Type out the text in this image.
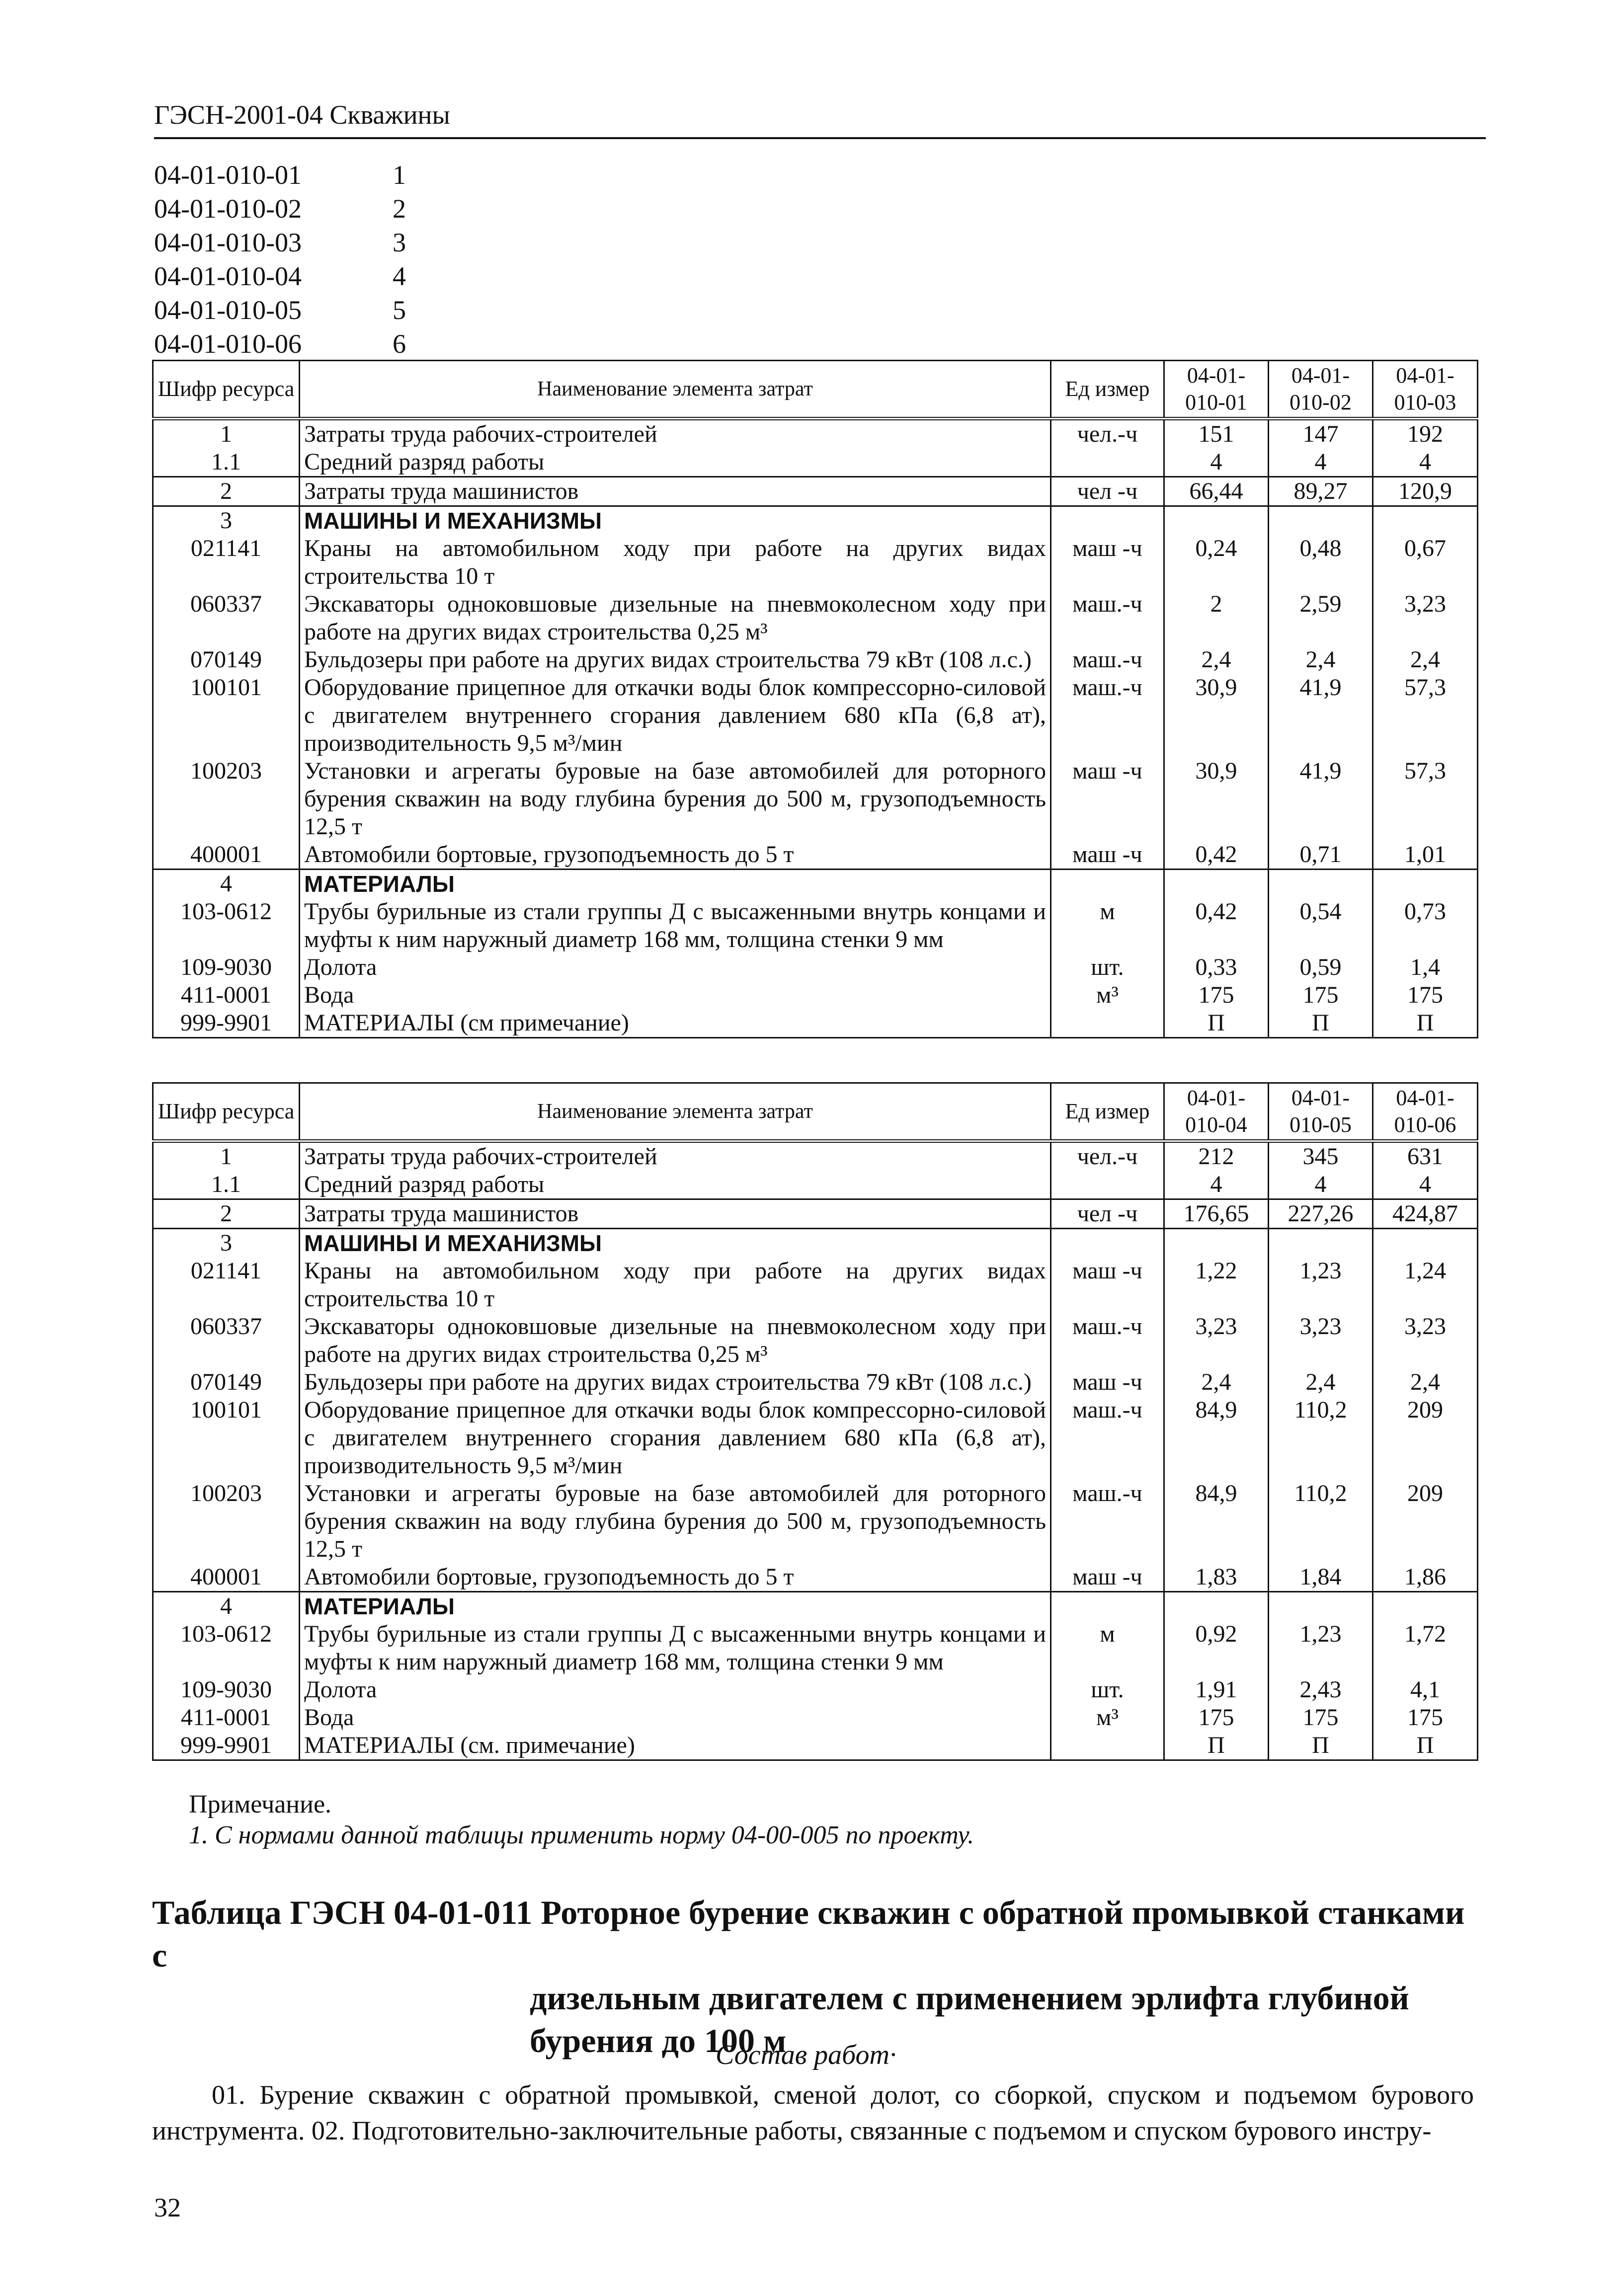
ГЭСН-2001-04 Скважины
04-01-010-01	1
04-01-010-02	2
04-01-010-03	3
04-01-010-04	4
04-01-010-05	5
04-01-010-06	6
Шифр ресурса	Наименование элемента затрат	Ед измер	04-01-010-01	04-01-010-02	04-01-010-03
1	Затраты труда рабочих-строителей	чел.-ч	151	147	192
1.1	Средний разряд работы		4	4	4
2	Затраты труда машинистов	чел -ч	66,44	89,27	120,9
3	МАШИНЫ И МЕХАНИЗМЫ				
021141	Краны на автомобильном ходу при работе на других видах строительства 10 т	маш -ч	0,24	0,48	0,67
060337	Экскаваторы одноковшовые дизельные на пневмоколесном ходу при работе на других видах строительства 0,25 м³	маш.-ч	2	2,59	3,23
070149	Бульдозеры при работе на других видах строительства 79 кВт (108 л.с.)	маш.-ч	2,4	2,4	2,4
100101	Оборудование прицепное для откачки воды блок компрессорно-силовой с двигателем внутреннего сгорания давлением 680 кПа (6,8 ат), производительность 9,5 м³/мин	маш.-ч	30,9	41,9	57,3
100203	Установки и агрегаты буровые на базе автомобилей для роторного бурения скважин на воду глубина бурения до 500 м, грузоподъемность 12,5 т	маш -ч	30,9	41,9	57,3
400001	Автомобили бортовые, грузоподъемность до 5 т	маш -ч	0,42	0,71	1,01
4	МАТЕРИАЛЫ				
103-0612	Трубы бурильные из стали группы Д с высаженными внутрь концами и муфты к ним наружный диаметр 168 мм, толщина стенки 9 мм	м	0,42	0,54	0,73
109-9030	Долота	шт.	0,33	0,59	1,4
411-0001	Вода	м³	175	175	175
999-9901	МАТЕРИАЛЫ (см примечание)		П	П	П
Шифр ресурса	Наименование элемента затрат	Ед измер	04-01-010-04	04-01-010-05	04-01-010-06
1	Затраты труда рабочих-строителей	чел.-ч	212	345	631
1.1	Средний разряд работы		4	4	4
2	Затраты труда машинистов	чел -ч	176,65	227,26	424,87
3	МАШИНЫ И МЕХАНИЗМЫ				
021141	Краны на автомобильном ходу при работе на других видах строительства 10 т	маш -ч	1,22	1,23	1,24
060337	Экскаваторы одноковшовые дизельные на пневмоколесном ходу при работе на других видах строительства 0,25 м³	маш.-ч	3,23	3,23	3,23
070149	Бульдозеры при работе на других видах строительства 79 кВт (108 л.с.)	маш -ч	2,4	2,4	2,4
100101	Оборудование прицепное для откачки воды блок компрессорно-силовой с двигателем внутреннего сгорания давлением 680 кПа (6,8 ат), производительность 9,5 м³/мин	маш.-ч	84,9	110,2	209
100203	Установки и агрегаты буровые на базе автомобилей для роторного бурения скважин на воду глубина бурения до 500 м, грузоподъемность 12,5 т	маш.-ч	84,9	110,2	209
400001	Автомобили бортовые, грузоподъемность до 5 т	маш -ч	1,83	1,84	1,86
4	МАТЕРИАЛЫ				
103-0612	Трубы бурильные из стали группы Д с высаженными внутрь концами и муфты к ним наружный диаметр 168 мм, толщина стенки 9 мм	м	0,92	1,23	1,72
109-9030	Долота	шт.	1,91	2,43	4,1
411-0001	Вода	м³	175	175	175
999-9901	МАТЕРИАЛЫ (см. примечание)		П	П	П
Примечание.
1. С нормами данной таблицы применить норму 04-00-005 по проекту.
Таблица ГЭСН 04-01-011 Роторное бурение скважин с обратной промывкой станками с
дизельным двигателем с применением эрлифта глубиной бурения до 100 м
Состав работ·
01. Бурение скважин с обратной промывкой, сменой долот, со сборкой, спуском и подъемом бурового инструмента. 02. Подготовительно-заключительные работы, связанные с подъемом и спуском бурового инстру-
32
